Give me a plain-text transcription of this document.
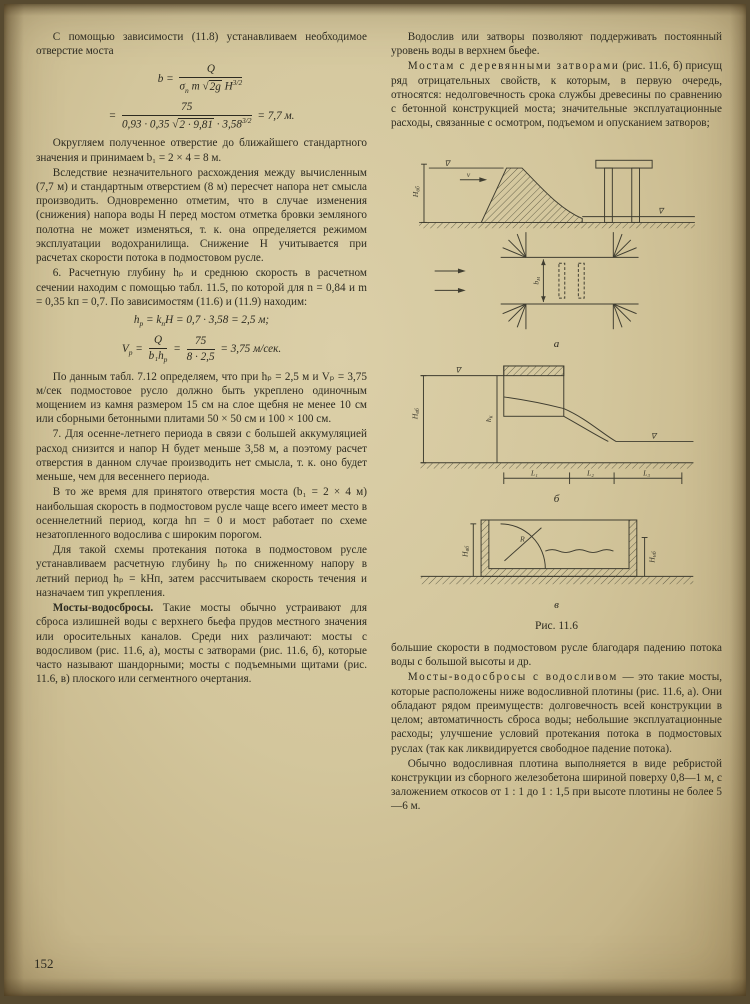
С помощью зависимости (11.8) устанавливаем необходимое отверстие моста

$b = \frac{Q}{\sigma_п m √2g H^{3/2}}$
= $\frac{75}{0,93 \cdot 0,35 √2 \cdot 9,81 \cdot 3,58^{3/2}} = 7,7$ м.

Округляем полученное отверстие до ближайшего стандартного значения и принимаем b₁ = 2 × 4 = 8 м.

Вследствие незначительного расхождения между вычисленным (7,7 м) и стандартным отверстием (8 м) пересчет напора нет смысла производить. Одновременно отметим, что в случае изменения (снижения) напора воды Н перед мостом отметка бровки земляного полотна не может изменяться, т. к. она определяется режимом эксплуатации водохранилища. Снижение Н учитывается при расчетах скорости потока в подмостовом русле.

6. Расчетную глубину hₚ и среднюю скорость в расчетном сечении находим с помощью табл. 11.5, по которой для n = 0,84 и m = 0,35 kп = 0,7. По зависимостям (11.6) и (11.9) находим:

$h_р = k_пH = 0,7 \cdot 3,58 = 2,5$ м;
$V_р = \frac{Q}{b_1h_р} = \frac{75}{8 \cdot 2,5} = 3,75$ м/сек.

По данным табл. 7.12 определяем, что при hₚ = 2,5 м и Vₚ = 3,75 м/сек подмостовое русло должно быть укреплено одиночным мощением из камня размером 15 см на слое щебня не менее 10 см или сборными бетонными плитами 50 × 50 см и 100 × 100 см.

7. Для осенне-летнего периода в связи с большей аккумуляцией расход снизится и напор Н будет меньше 3,58 м, а поэтому расчет отверстия в данном случае производить нет смысла, т. к. оно будет меньше, чем для весеннего периода.

В то же время для принятого отверстия моста (b₁ = 2 × 4 м) наибольшая скорость в подмостовом русле чаще всего имеет место в осеннелетний период, когда hп = 0 и мост работает по схеме незатопленного водослива с широким порогом.

Для такой схемы протекания потока в подмостовом русле устанавливаем расчетную глубину hₚ по сниженному напору в летний период hₚ = kHп, затем рассчитываем скорость течения и назначаем тип укрепления.

Мосты-водосбросы. Такие мосты обычно устраивают для сброса излишней воды с верхнего бьефа прудов местного значения или оросительных каналов. Среди них различают: мосты с водосливом (рис. 11.6, а), мосты с затворами (рис. 11.6, б), которые часто называют шандорными; мосты с подъемными щитами (рис. 11.6, в) плоского или сегментного очертания.

Водослив или затворы позволяют поддерживать постоянный уровень воды в верхнем бьефе.

Мостам с деревянными затворами (рис. 11.6, б) присущ ряд отрицательных свойств, к которым, в первую очередь, относятся: недолговечность срока службы древесины по сравнению с бетонной конструкцией моста; значительные эксплуатационные расходы, связанные с осмотром, подъемом и опусканием затворов;

∇
v
∇
Hвб
bм
а
∇
∇
Hвб
hк
L₁	L₂	L₃
б
R
Hвб
Hнб
в
Рис. 11.6

большие скорости в подмостовом русле благодаря падению потока воды с большой высоты и др.

Мосты-водосбросы с водосливом — это такие мосты, которые расположены ниже водосливной плотины (рис. 11.6, а). Они обладают рядом преимуществ: долговечность всей конструкции в целом; автоматичность сброса воды; небольшие эксплуатационные расходы; улучшение условий протекания потока в подмостовых руслах (так как ликвидируется свободное падение потока).

Обычно водосливная плотина выполняется в виде ребристой конструкции из сборного железобетона шириной поверху 0,8—1 м, с заложением откосов от 1 : 1 до 1 : 1,5 при высоте плотины не более 5—6 м.

152
